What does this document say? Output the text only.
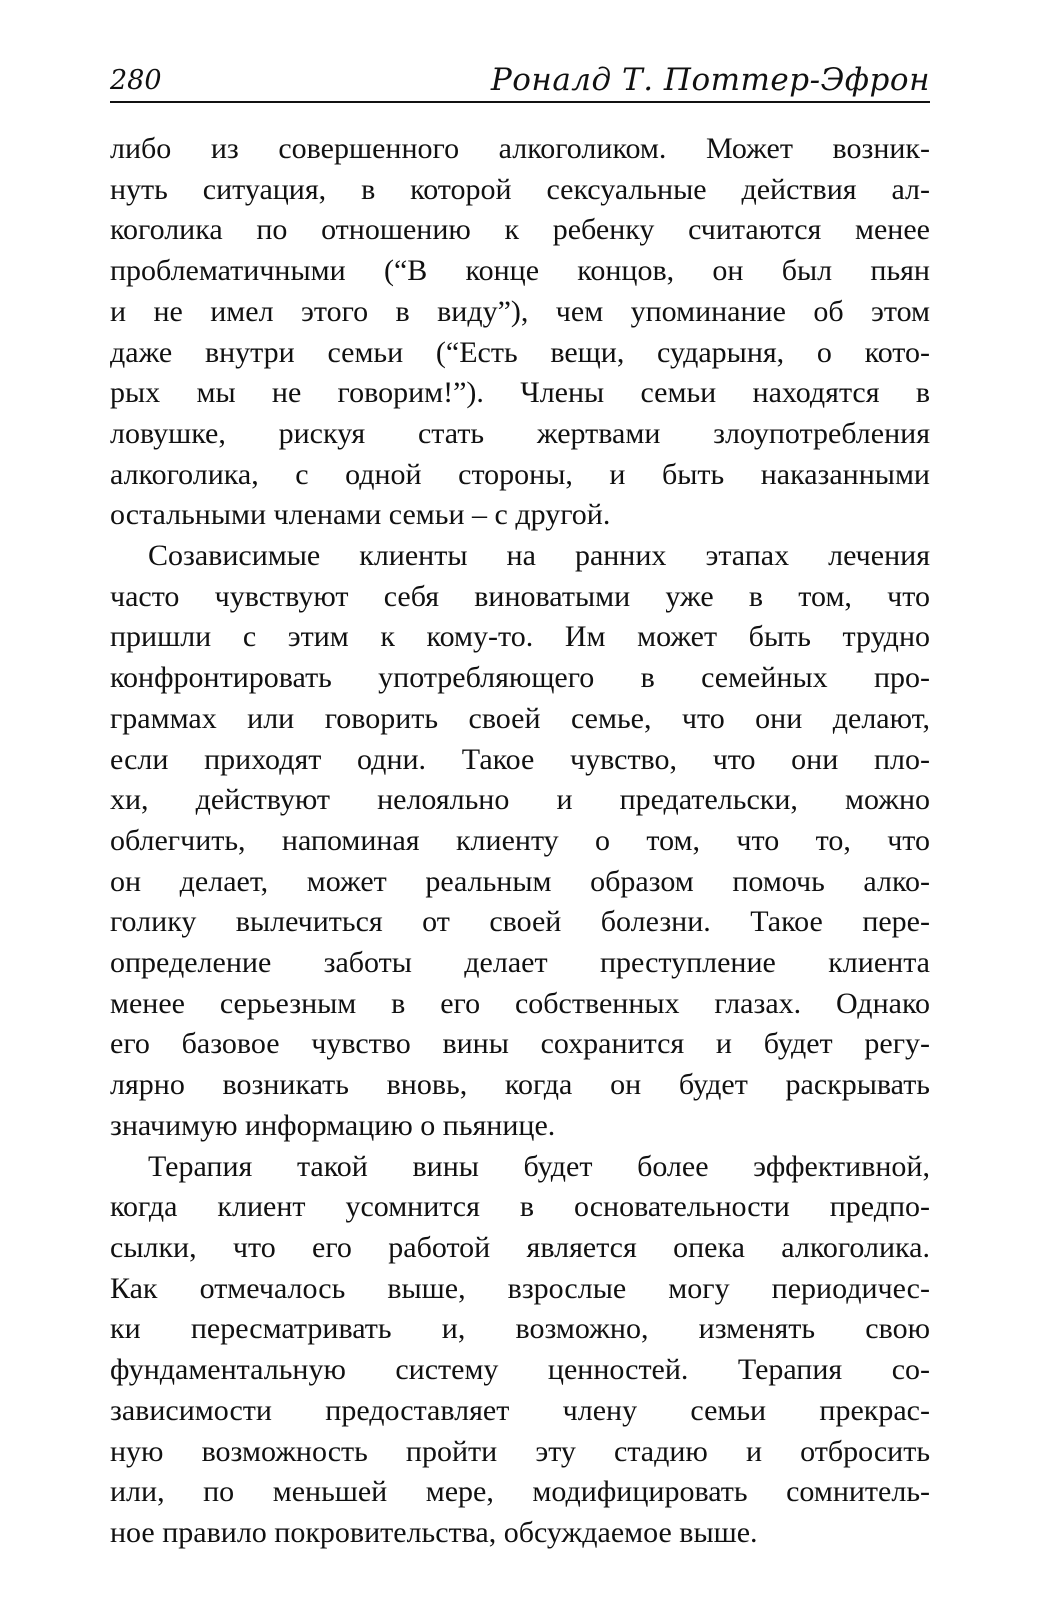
280	Роналд Т. Поттер-Эфрон
либо из совершенного алкоголиком. Может возник-
нуть ситуация, в которой сексуальные действия ал-
коголика по отношению к ребенку считаются менее
проблематичными (“В конце концов, он был пьян
и не имел этого в виду”), чем упоминание об этом
даже внутри семьи (“Есть вещи, сударыня, о кото-
рых мы не говорим!”). Члены семьи находятся в
ловушке, рискуя стать жертвами злоупотребления
алкоголика, с одной стороны, и быть наказанными
остальными членами семьи – с другой.
Созависимые клиенты на ранних этапах лечения
часто чувствуют себя виноватыми уже в том, что
пришли с этим к кому-то. Им может быть трудно
конфронтировать употребляющего в семейных про-
граммах или говорить своей семье, что они делают,
если приходят одни. Такое чувство, что они пло-
хи, действуют нелояльно и предательски, можно
облегчить, напоминая клиенту о том, что то, что
он делает, может реальным образом помочь алко-
голику вылечиться от своей болезни. Такое пере-
определение заботы делает преступление клиента
менее серьезным в его собственных глазах. Однако
его базовое чувство вины сохранится и будет регу-
лярно возникать вновь, когда он будет раскрывать
значимую информацию о пьянице.
Терапия такой вины будет более эффективной,
когда клиент усомнится в основательности предпо-
сылки, что его работой является опека алкоголика.
Как отмечалось выше, взрослые могу периодичес-
ки пересматривать и, возможно, изменять свою
фундаментальную систему ценностей. Терапия со-
зависимости предоставляет члену семьи прекрас-
ную возможность пройти эту стадию и отбросить
или, по меньшей мере, модифицировать сомнитель-
ное правило покровительства, обсуждаемое выше.
